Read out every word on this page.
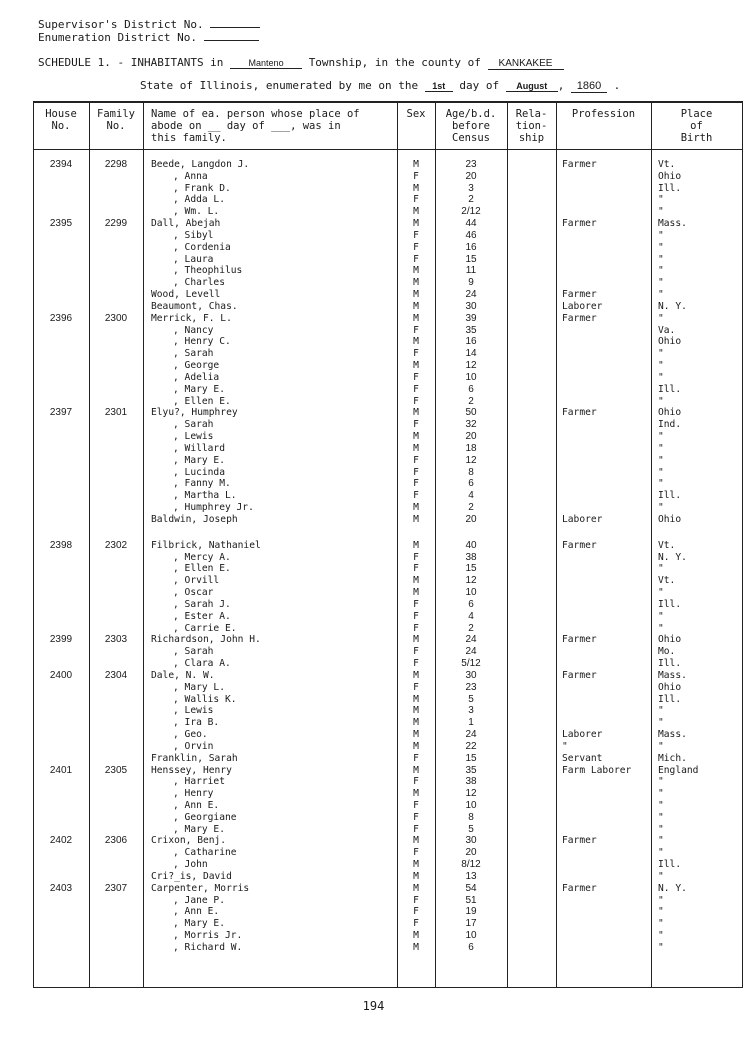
Supervisor's District No.
Enumeration District No.
SCHEDULE 1. - INHABITANTS in	Manteno Township, in the county of KANKAKEE
State of Illinois, enumerated by me on the 1st day of August , 1860 .
House
No.
Family
No.
Name of ea. person whose place of
abode on __ day of ___, was in
this family.
Sex	Age/b.d.
before
Census
Rela-
tion-
ship
Profession	Place
of
Birth
2394	2298	Beede, Langdon J.	M	23	Farmer	Vt.
, Anna	F	20	Ohio
, Frank D.	M	3	Ill.
, Adda L.	F	2	"
, Wm. L.	M	2/12	"
2395	2299	Dall, Abejah	M	44	Farmer	Mass.
, Sibyl	F	46	"
, Cordenia	F	16	"
, Laura	F	15	"
, Theophilus	M	11	"
, Charles	M	9	"
Wood, Levell	M	24	Farmer	"
Beaumont, Chas.	M	30	Laborer	N. Y.
2396	2300	Merrick, F. L.	M	39	Farmer	"
, Nancy	F	35	Va.
, Henry C.	M	16	Ohio
, Sarah	F	14	"
, George	M	12	"
, Adelia	F	10	"
, Mary E.	F	6	Ill.
, Ellen E.	F	2	"
2397	2301	Elyu?, Humphrey	M	50	Farmer	Ohio
, Sarah	F	32	Ind.
, Lewis	M	20	"
, Willard	M	18	"
, Mary E.	F	12	"
, Lucinda	F	8	"
, Fanny M.	F	6	"
, Martha L.	F	4	Ill.
, Humphrey Jr.	M	2	"
Baldwin, Joseph	M	20	Laborer	Ohio
2398	2302	Filbrick, Nathaniel	M	40	Farmer	Vt.
, Mercy A.	F	38	N. Y.
, Ellen E.	F	15	"
, Orvill	M	12	Vt.
, Oscar	M	10	"
, Sarah J.	F	6	Ill.
, Ester A.	F	4	"
, Carrie E.	F	2	"
2399	2303	Richardson, John H.	M	24	Farmer	Ohio
, Sarah	F	24	Mo.
, Clara A.	F	5/12	Ill.
2400	2304	Dale, N. W.	M	30	Farmer	Mass.
, Mary L.	F	23	Ohio
, Wallis K.	M	5	Ill.
, Lewis	M	3	"
, Ira B.	M	1	"
, Geo.	M	24	Laborer	Mass.
, Orvin	M	22	"	"
Franklin, Sarah	F	15	Servant	Mich.
2401	2305	Henssey, Henry	M	35	Farm Laborer	England
, Harriet	F	38	"
, Henry	M	12	"
, Ann E.	F	10	"
, Georgiane	F	8	"
, Mary E.	F	5	"
2402	2306	Crixon, Benj.	M	30	Farmer	"
, Catharine	F	20	"
, John	M	8/12	Ill.
Cri?_is, David	M	13	"
2403	2307	Carpenter, Morris	M	54	Farmer	N. Y.
, Jane P.	F	51	"
, Ann E.	F	19	"
, Mary E.	F	17	"
, Morris Jr.	M	10	"
, Richard W.	M	6	"
194
